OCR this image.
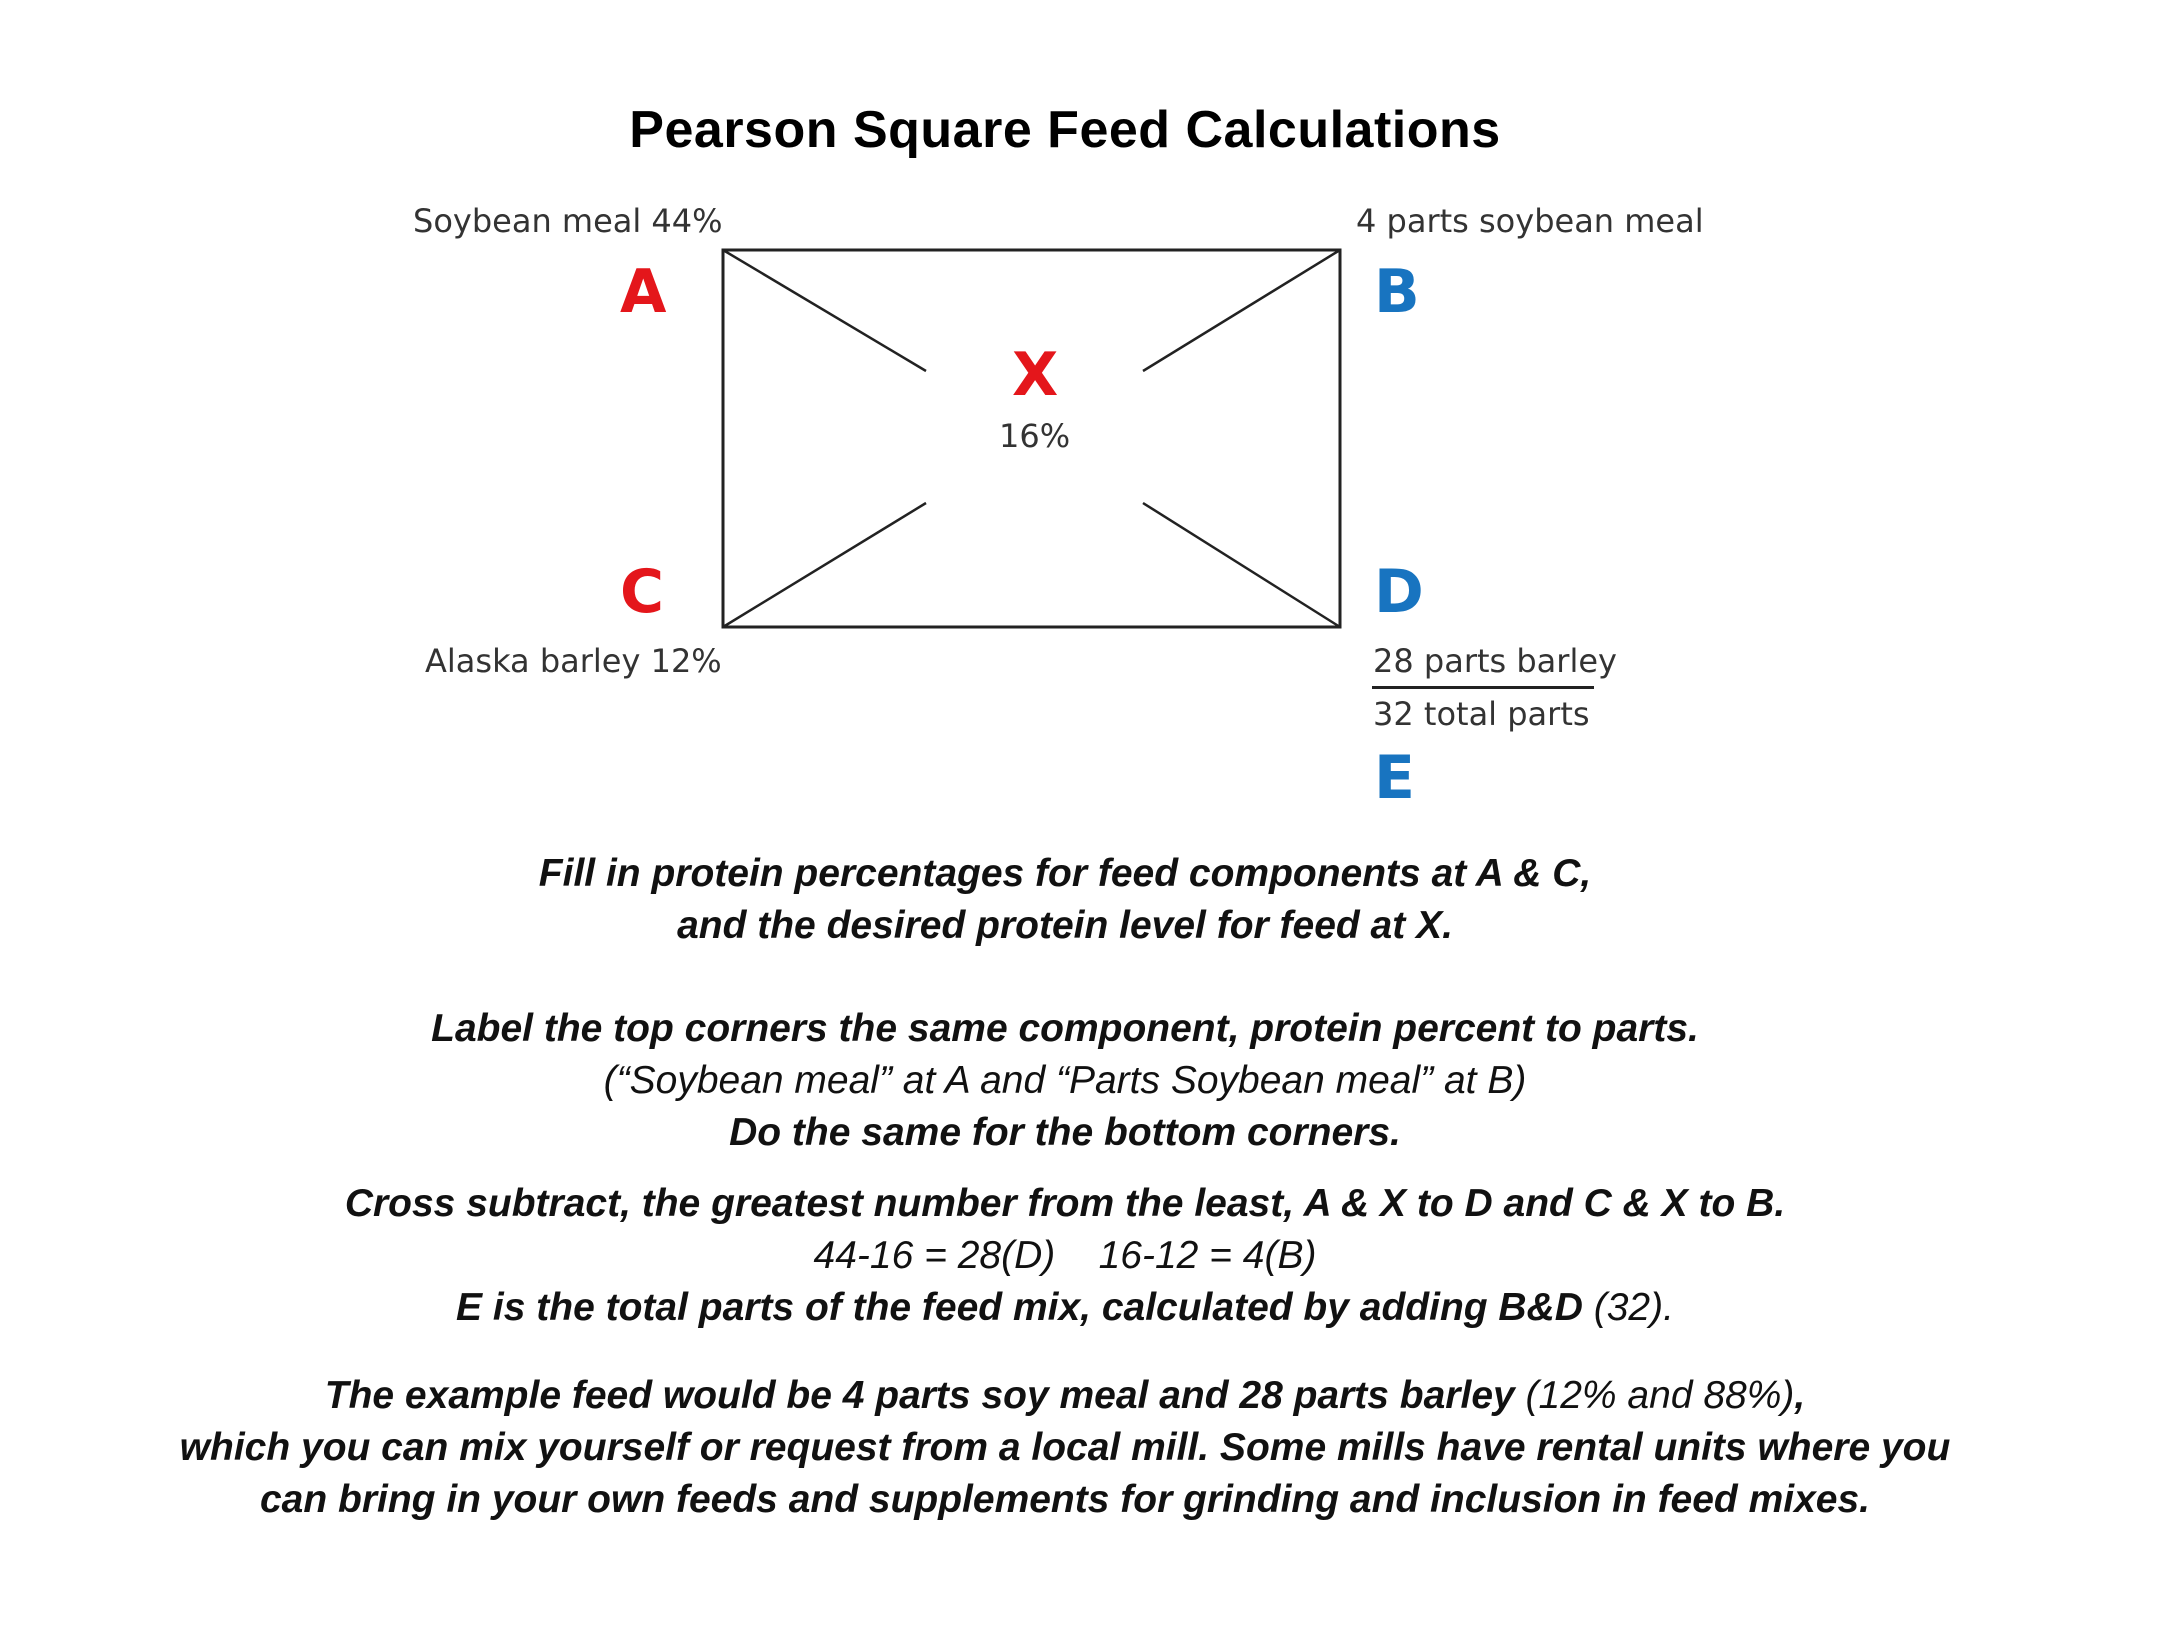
Pearson Square Feed Calculations
Soybean meal 44%	4 parts soybean meal
Alaska barley 12%	28 parts barley
32 total parts
A	B
C	D
E
X
16%
Fill in protein percentages for feed components at A & C,
and the desired protein level for feed at X.
Label the top corners the same component, protein percent to parts.
(“Soybean meal” at A and “Parts Soybean meal” at B)
Do the same for the bottom corners.
Cross subtract, the greatest number from the least, A & X to D and C & X to B.
44-16 = 28(D)    16-12 = 4(B)
E is the total parts of the feed mix, calculated by adding B&D (32).
The example feed would be 4 parts soy meal and 28 parts barley (12% and 88%),
which you can mix yourself or request from a local mill. Some mills have rental units where you
can bring in your own feeds and supplements for grinding and inclusion in feed mixes.
